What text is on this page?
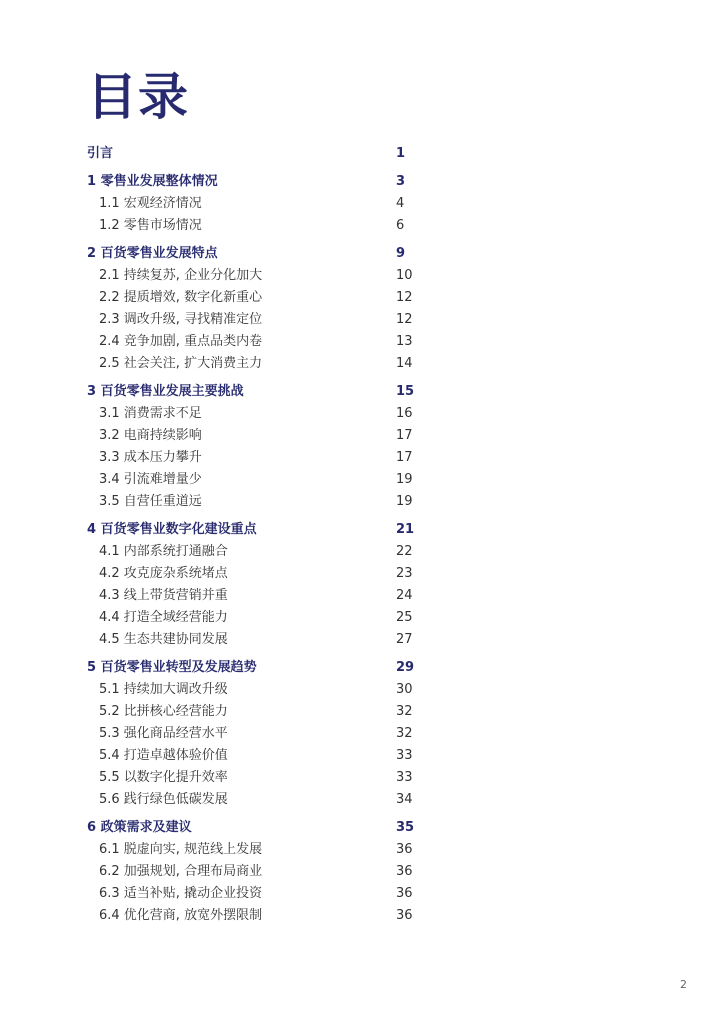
目录
引言	1
1 零售业发展整体情况	3
1.1 宏观经济情况	4
1.2 零售市场情况	6
2 百货零售业发展特点	9
2.1 持续复苏, 企业分化加大	10
2.2 提质增效, 数字化新重心	12
2.3 调改升级, 寻找精准定位	12
2.4 竞争加剧, 重点品类内卷	13
2.5 社会关注, 扩大消费主力	14
3 百货零售业发展主要挑战	15
3.1 消费需求不足	16
3.2 电商持续影响	17
3.3 成本压力攀升	17
3.4 引流难增量少	19
3.5 自营任重道远	19
4 百货零售业数字化建设重点	21
4.1 内部系统打通融合	22
4.2 攻克庞杂系统堵点	23
4.3 线上带货营销并重	24
4.4 打造全域经营能力	25
4.5 生态共建协同发展	27
5 百货零售业转型及发展趋势	29
5.1 持续加大调改升级	30
5.2 比拼核心经营能力	32
5.3 强化商品经营水平	32
5.4 打造卓越体验价值	33
5.5 以数字化提升效率	33
5.6 践行绿色低碳发展	34
6 政策需求及建议	35
6.1 脱虚向实, 规范线上发展	36
6.2 加强规划, 合理布局商业	36
6.3 适当补贴, 撬动企业投资	36
6.4 优化营商, 放宽外摆限制	36
2
